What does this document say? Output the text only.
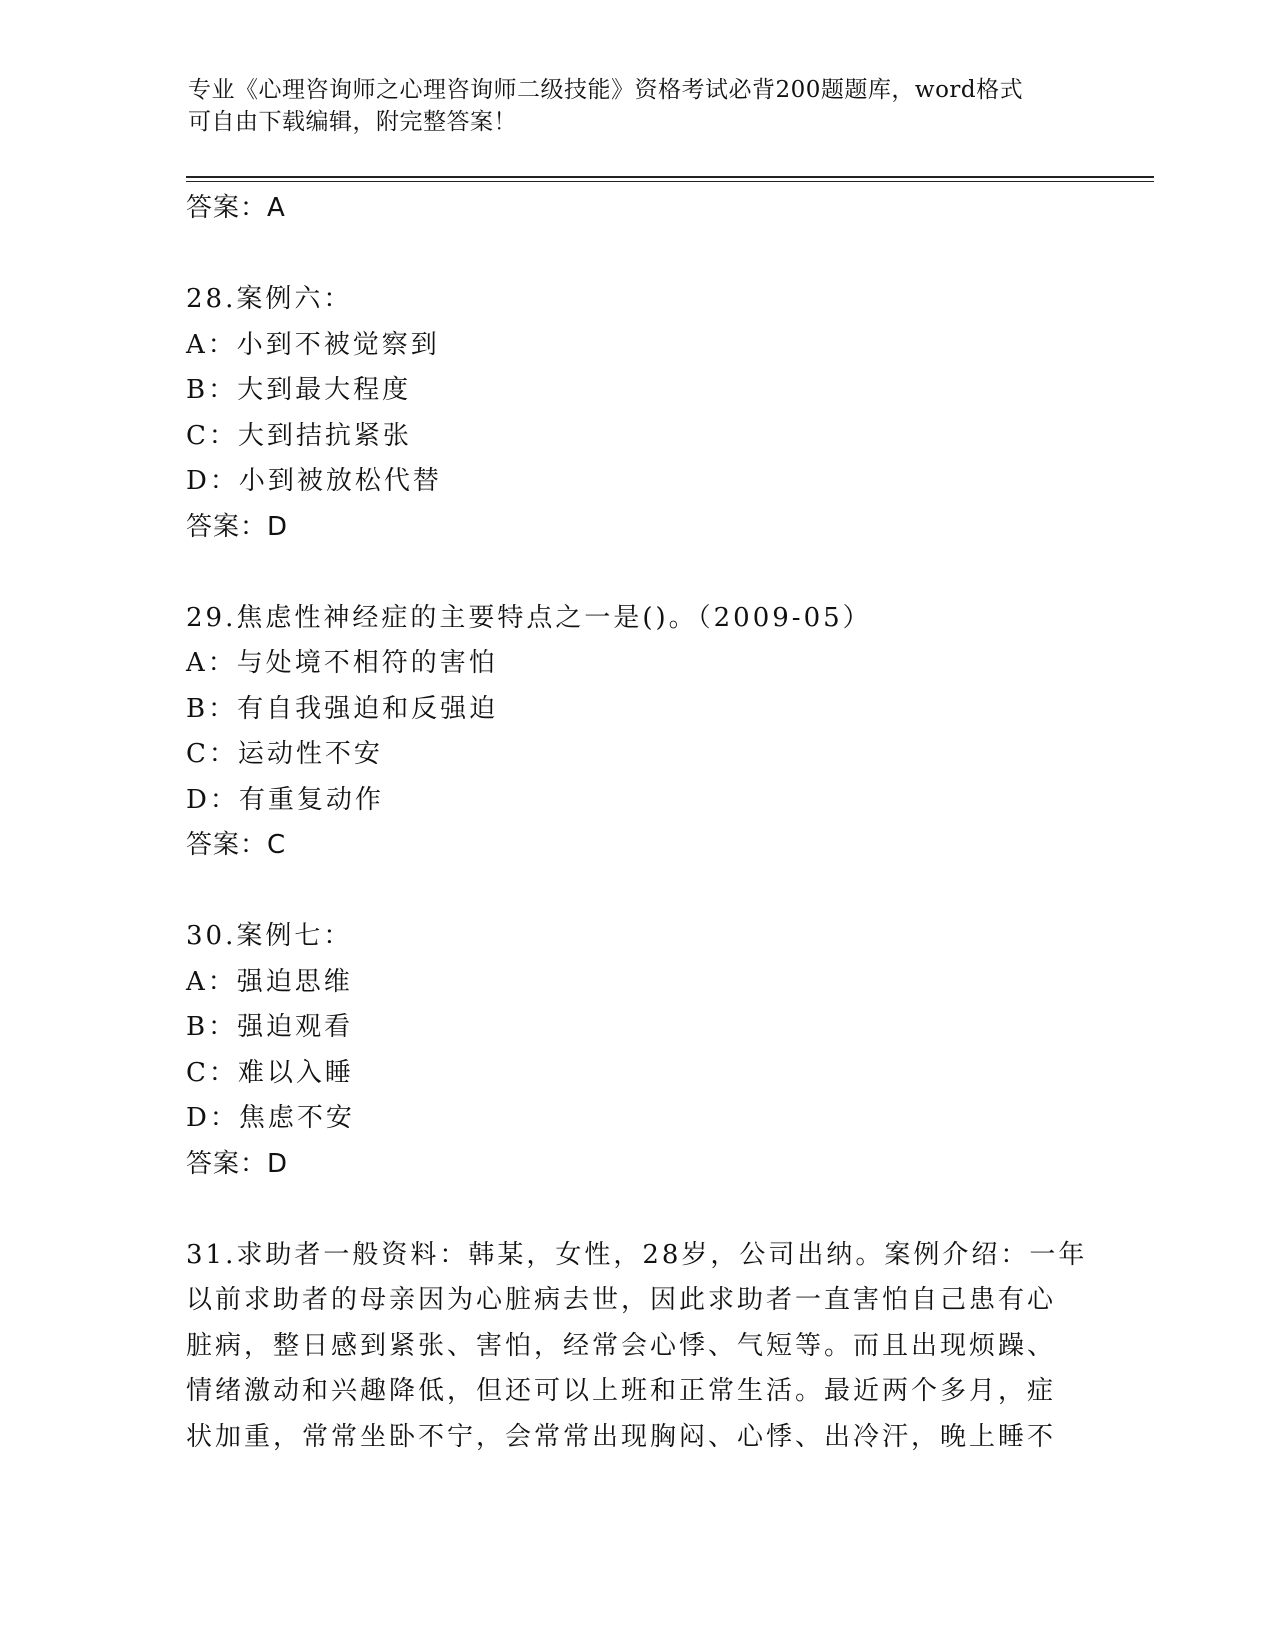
专业《心理咨询师之心理咨询师二级技能》资格考试必背200题题库，word格式
可自由下载编辑，附完整答案！
答案：A
28.案例六：
A：小到不被觉察到
B：大到最大程度
C：大到拮抗紧张
D：小到被放松代替
答案：D
29.焦虑性神经症的主要特点之一是()。（2009-05）
A：与处境不相符的害怕
B：有自我强迫和反强迫
C：运动性不安
D：有重复动作
答案：C
30.案例七：
A：强迫思维
B：强迫观看
C：难以入睡
D：焦虑不安
答案：D
31.求助者一般资料：韩某，女性，28岁，公司出纳。案例介绍：一年
以前求助者的母亲因为心脏病去世，因此求助者一直害怕自己患有心
脏病，整日感到紧张、害怕，经常会心悸、气短等。而且出现烦躁、
情绪激动和兴趣降低，但还可以上班和正常生活。最近两个多月，症
状加重，常常坐卧不宁，会常常出现胸闷、心悸、出冷汗，晚上睡不
